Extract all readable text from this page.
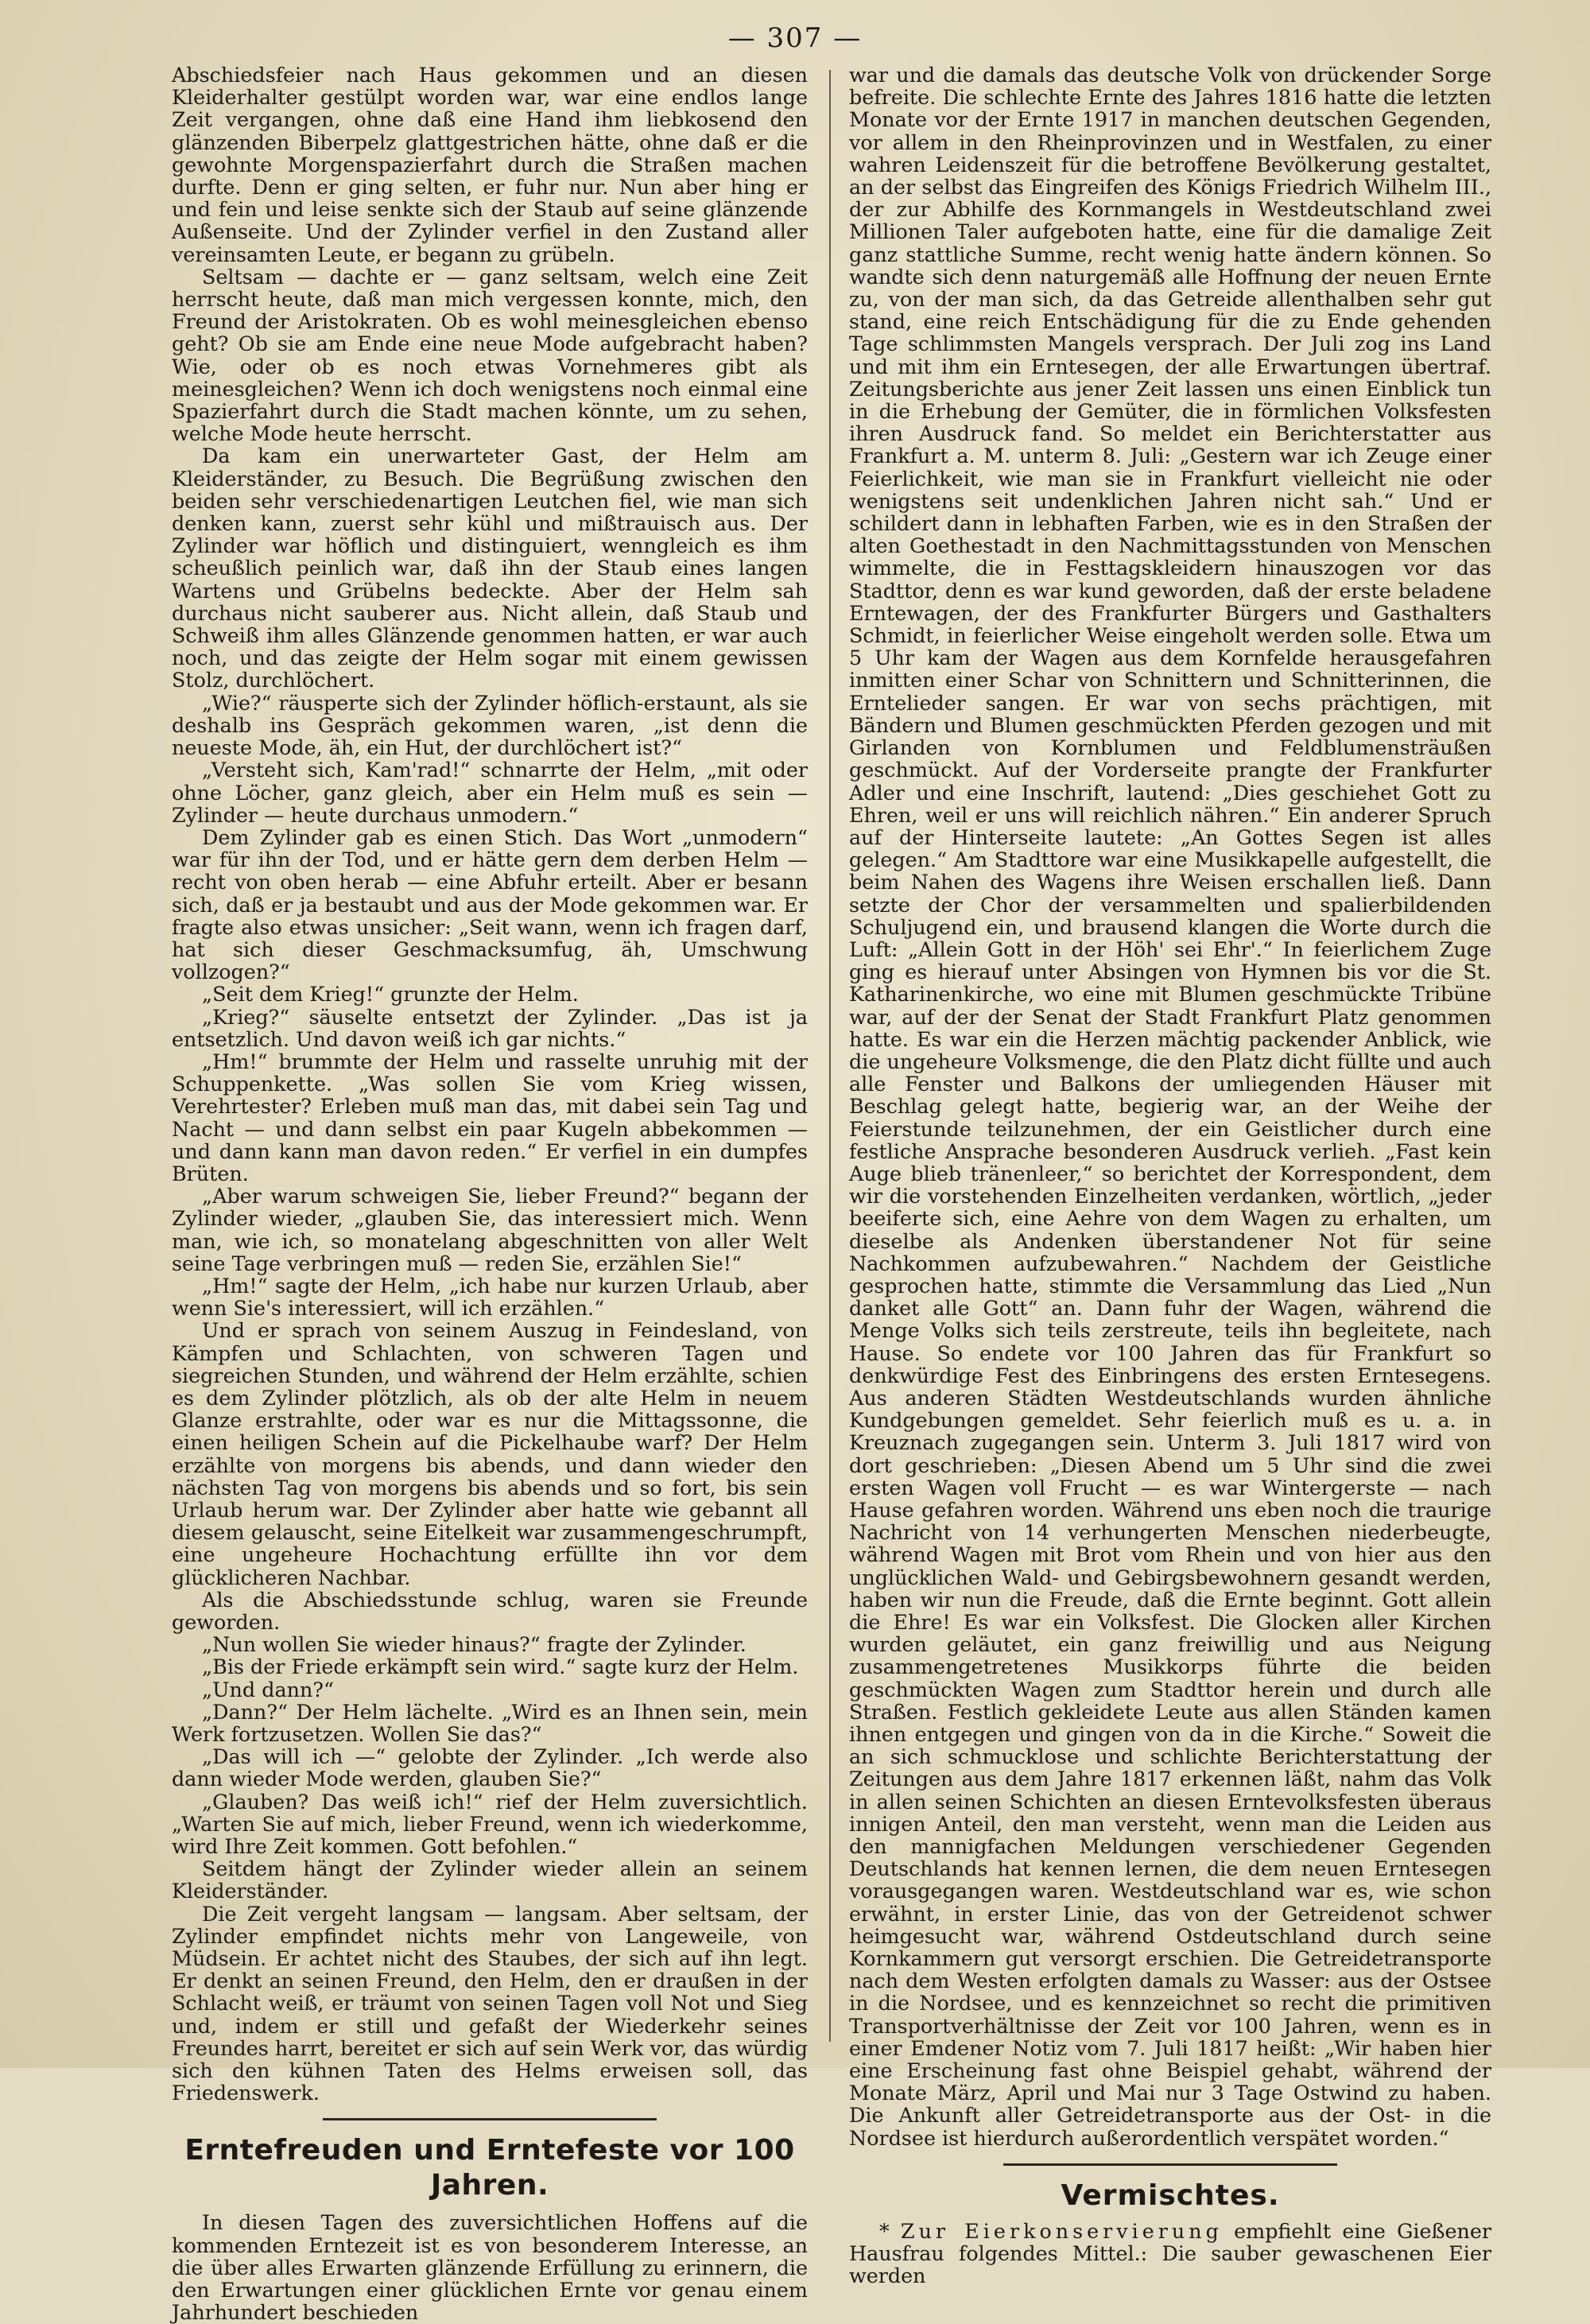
— 307 —

Abschiedsfeier nach Haus gekommen und an diesen Kleiderhalter gestülpt worden war, war eine endlos lange Zeit vergangen, ohne daß eine Hand ihm liebkosend den glänzenden Biberpelz glattgestrichen hätte, ohne daß er die gewohnte Morgenspazierfahrt durch die Straßen machen durfte. Denn er ging selten, er fuhr nur. Nun aber hing er und fein und leise senkte sich der Staub auf seine glänzende Außenseite. Und der Zylinder verfiel in den Zustand aller vereinsamten Leute, er begann zu grübeln.

Seltsam — dachte er — ganz seltsam, welch eine Zeit herrscht heute, daß man mich vergessen konnte, mich, den Freund der Aristokraten. Ob es wohl meinesgleichen ebenso geht? Ob sie am Ende eine neue Mode aufgebracht haben? Wie, oder ob es noch etwas Vornehmeres gibt als meinesgleichen? Wenn ich doch wenigstens noch einmal eine Spazierfahrt durch die Stadt machen könnte, um zu sehen, welche Mode heute herrscht.

Da kam ein unerwarteter Gast, der Helm am Kleiderständer, zu Besuch. Die Begrüßung zwischen den beiden sehr verschiedenartigen Leutchen fiel, wie man sich denken kann, zuerst sehr kühl und mißtrauisch aus. Der Zylinder war höflich und distinguiert, wenngleich es ihm scheußlich peinlich war, daß ihn der Staub eines langen Wartens und Grübelns bedeckte. Aber der Helm sah durchaus nicht sauberer aus. Nicht allein, daß Staub und Schweiß ihm alles Glänzende genommen hatten, er war auch noch, und das zeigte der Helm sogar mit einem gewissen Stolz, durchlöchert.

„Wie?“ räusperte sich der Zylinder höflich-erstaunt, als sie deshalb ins Gespräch gekommen waren, „ist denn die neueste Mode, äh, ein Hut, der durchlöchert ist?“

„Versteht sich, Kam'rad!“ schnarrte der Helm, „mit oder ohne Löcher, ganz gleich, aber ein Helm muß es sein — Zylinder — heute durchaus unmodern.“

Dem Zylinder gab es einen Stich. Das Wort „unmodern“ war für ihn der Tod, und er hätte gern dem derben Helm — recht von oben herab — eine Abfuhr erteilt. Aber er besann sich, daß er ja bestaubt und aus der Mode gekommen war. Er fragte also etwas unsicher: „Seit wann, wenn ich fragen darf, hat sich dieser Geschmacksumfug, äh, Umschwung vollzogen?“

„Seit dem Krieg!“ grunzte der Helm.

„Krieg?“ säuselte entsetzt der Zylinder. „Das ist ja entsetzlich. Und davon weiß ich gar nichts.“

„Hm!“ brummte der Helm und rasselte unruhig mit der Schuppenkette. „Was sollen Sie vom Krieg wissen, Verehrtester? Erleben muß man das, mit dabei sein Tag und Nacht — und dann selbst ein paar Kugeln abbekommen — und dann kann man davon reden.“ Er verfiel in ein dumpfes Brüten.

„Aber warum schweigen Sie, lieber Freund?“ begann der Zylinder wieder, „glauben Sie, das interessiert mich. Wenn man, wie ich, so monatelang abgeschnitten von aller Welt seine Tage verbringen muß — reden Sie, erzählen Sie!“

„Hm!“ sagte der Helm, „ich habe nur kurzen Urlaub, aber wenn Sie's interessiert, will ich erzählen.“

Und er sprach von seinem Auszug in Feindesland, von Kämpfen und Schlachten, von schweren Tagen und siegreichen Stunden, und während der Helm erzählte, schien es dem Zylinder plötzlich, als ob der alte Helm in neuem Glanze erstrahlte, oder war es nur die Mittagssonne, die einen heiligen Schein auf die Pickelhaube warf? Der Helm erzählte von morgens bis abends, und dann wieder den nächsten Tag von morgens bis abends und so fort, bis sein Urlaub herum war. Der Zylinder aber hatte wie gebannt all diesem gelauscht, seine Eitelkeit war zusammengeschrumpft, eine ungeheure Hochachtung erfüllte ihn vor dem glücklicheren Nachbar.

Als die Abschiedsstunde schlug, waren sie Freunde geworden.

„Nun wollen Sie wieder hinaus?“ fragte der Zylinder.

„Bis der Friede erkämpft sein wird.“ sagte kurz der Helm.

„Und dann?“

„Dann?“ Der Helm lächelte. „Wird es an Ihnen sein, mein Werk fortzusetzen. Wollen Sie das?“

„Das will ich —“ gelobte der Zylinder. „Ich werde also dann wieder Mode werden, glauben Sie?“

„Glauben? Das weiß ich!“ rief der Helm zuversichtlich. „Warten Sie auf mich, lieber Freund, wenn ich wiederkomme, wird Ihre Zeit kommen. Gott befohlen.“

Seitdem hängt der Zylinder wieder allein an seinem Kleiderständer.

Die Zeit vergeht langsam — langsam. Aber seltsam, der Zylinder empfindet nichts mehr von Langeweile, von Müdsein. Er achtet nicht des Staubes, der sich auf ihn legt. Er denkt an seinen Freund, den Helm, den er draußen in der Schlacht weiß, er träumt von seinen Tagen voll Not und Sieg und, indem er still und gefaßt der Wiederkehr seines Freundes harrt, bereitet er sich auf sein Werk vor, das würdig sich den kühnen Taten des Helms erweisen soll, das Friedenswerk.

Erntefreuden und Erntefeste vor 100 Jahren.

In diesen Tagen des zuversichtlichen Hoffens auf die kommenden Erntezeit ist es von besonderem Interesse, an die über alles Erwarten glänzende Erfüllung zu erinnern, die den Erwartungen einer glücklichen Ernte vor genau einem Jahrhundert beschieden

war und die damals das deutsche Volk von drückender Sorge befreite. Die schlechte Ernte des Jahres 1816 hatte die letzten Monate vor der Ernte 1917 in manchen deutschen Gegenden, vor allem in den Rheinprovinzen und in Westfalen, zu einer wahren Leidenszeit für die betroffene Bevölkerung gestaltet, an der selbst das Eingreifen des Königs Friedrich Wilhelm III., der zur Abhilfe des Kornmangels in Westdeutschland zwei Millionen Taler aufgeboten hatte, eine für die damalige Zeit ganz stattliche Summe, recht wenig hatte ändern können. So wandte sich denn naturgemäß alle Hoffnung der neuen Ernte zu, von der man sich, da das Getreide allenthalben sehr gut stand, eine reich Entschädigung für die zu Ende gehenden Tage schlimmsten Mangels versprach. Der Juli zog ins Land und mit ihm ein Erntesegen, der alle Erwartungen übertraf. Zeitungsberichte aus jener Zeit lassen uns einen Einblick tun in die Erhebung der Gemüter, die in förmlichen Volksfesten ihren Ausdruck fand. So meldet ein Berichterstatter aus Frankfurt a. M. unterm 8. Juli: „Gestern war ich Zeuge einer Feierlichkeit, wie man sie in Frankfurt vielleicht nie oder wenigstens seit undenklichen Jahren nicht sah.“ Und er schildert dann in lebhaften Farben, wie es in den Straßen der alten Goethestadt in den Nachmittagsstunden von Menschen wimmelte, die in Festtagskleidern hinauszogen vor das Stadttor, denn es war kund geworden, daß der erste beladene Erntewagen, der des Frankfurter Bürgers und Gasthalters Schmidt, in feierlicher Weise eingeholt werden solle. Etwa um 5 Uhr kam der Wagen aus dem Kornfelde herausgefahren inmitten einer Schar von Schnittern und Schnitterinnen, die Erntelieder sangen. Er war von sechs prächtigen, mit Bändern und Blumen geschmückten Pferden gezogen und mit Girlanden von Kornblumen und Feldblumensträußen geschmückt. Auf der Vorderseite prangte der Frankfurter Adler und eine Inschrift, lautend: „Dies geschiehet Gott zu Ehren, weil er uns will reichlich nähren.“ Ein anderer Spruch auf der Hinterseite lautete: „An Gottes Segen ist alles gelegen.“ Am Stadttore war eine Musikkapelle aufgestellt, die beim Nahen des Wagens ihre Weisen erschallen ließ. Dann setzte der Chor der versammelten und spalierbildenden Schuljugend ein, und brausend klangen die Worte durch die Luft: „Allein Gott in der Höh' sei Ehr'.“ In feierlichem Zuge ging es hierauf unter Absingen von Hymnen bis vor die St. Katharinenkirche, wo eine mit Blumen geschmückte Tribüne war, auf der der Senat der Stadt Frankfurt Platz genommen hatte. Es war ein die Herzen mächtig packender Anblick, wie die ungeheure Volksmenge, die den Platz dicht füllte und auch alle Fenster und Balkons der umliegenden Häuser mit Beschlag gelegt hatte, begierig war, an der Weihe der Feierstunde teilzunehmen, der ein Geistlicher durch eine festliche Ansprache besonderen Ausdruck verlieh. „Fast kein Auge blieb tränenleer,“ so berichtet der Korrespondent, dem wir die vorstehenden Einzelheiten verdanken, wörtlich, „jeder beeiferte sich, eine Aehre von dem Wagen zu erhalten, um dieselbe als Andenken überstandener Not für seine Nachkommen aufzubewahren.“ Nachdem der Geistliche gesprochen hatte, stimmte die Versammlung das Lied „Nun danket alle Gott“ an. Dann fuhr der Wagen, während die Menge Volks sich teils zerstreute, teils ihn begleitete, nach Hause. So endete vor 100 Jahren das für Frankfurt so denkwürdige Fest des Einbringens des ersten Erntesegens. Aus anderen Städten Westdeutschlands wurden ähnliche Kundgebungen gemeldet. Sehr feierlich muß es u. a. in Kreuznach zugegangen sein. Unterm 3. Juli 1817 wird von dort geschrieben: „Diesen Abend um 5 Uhr sind die zwei ersten Wagen voll Frucht — es war Wintergerste — nach Hause gefahren worden. Während uns eben noch die traurige Nachricht von 14 verhungerten Menschen niederbeugte, während Wagen mit Brot vom Rhein und von hier aus den unglücklichen Wald- und Gebirgsbewohnern gesandt werden, haben wir nun die Freude, daß die Ernte beginnt. Gott allein die Ehre! Es war ein Volksfest. Die Glocken aller Kirchen wurden geläutet, ein ganz freiwillig und aus Neigung zusammengetretenes Musikkorps führte die beiden geschmückten Wagen zum Stadttor herein und durch alle Straßen. Festlich gekleidete Leute aus allen Ständen kamen ihnen entgegen und gingen von da in die Kirche.“ Soweit die an sich schmucklose und schlichte Berichterstattung der Zeitungen aus dem Jahre 1817 erkennen läßt, nahm das Volk in allen seinen Schichten an diesen Erntevolksfesten überaus innigen Anteil, den man versteht, wenn man die Leiden aus den mannigfachen Meldungen verschiedener Gegenden Deutschlands hat kennen lernen, die dem neuen Erntesegen vorausgegangen waren. Westdeutschland war es, wie schon erwähnt, in erster Linie, das von der Getreidenot schwer heimgesucht war, während Ostdeutschland durch seine Kornkammern gut versorgt erschien. Die Getreidetransporte nach dem Westen erfolgten damals zu Wasser: aus der Ostsee in die Nordsee, und es kennzeichnet so recht die primitiven Transportverhältnisse der Zeit vor 100 Jahren, wenn es in einer Emdener Notiz vom 7. Juli 1817 heißt: „Wir haben hier eine Erscheinung fast ohne Beispiel gehabt, während der Monate März, April und Mai nur 3 Tage Ostwind zu haben. Die Ankunft aller Getreidetransporte aus der Ost- in die Nordsee ist hierdurch außerordentlich verspätet worden.“

Vermischtes.

* Zur Eierkonservierung empfiehlt eine Gießener Hausfrau folgendes Mittel.: Die sauber gewaschenen Eier werden
